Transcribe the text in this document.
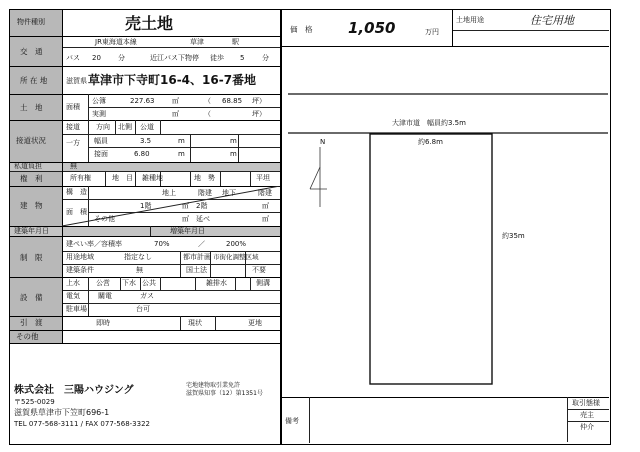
物件種別	売土地
交　通
JR東海道本線	草津	駅
バス 20 分	近江バス下物停 徒歩 5	分
所 在 地	滋賀県 草津市下寺町16-4、16-7番地
土　地	面積
公簿	227.63	㎡	（ 68.85 坪）
実測	㎡	（	坪）
接道状況
接道 方向 北側 公道
一方 幅員	3.5	m	m
接面	6.80	m	m
私道負担	無
権　利	所有権	地　目 雑種地	地　勢	平坦
建　物
構　造	地上	階建 地下	階建
面　積
1階	㎡ 2階	㎡
その他	㎡ 延べ	㎡
建築年月日	増築年月日
制　限
建ぺい率／容積率	70%	／	200%
用途地域	指定なし	都市計画 市街化調整区域
建築条件	無	国土法	不要
設　備
上水 公営 下水 公共	雑排水	側溝
電気	關電	ガス
駐車場	台可
引　渡	即時	現状	更地
その他
株式会社　三陽ハウジング
〒525-0029
滋賀県草津市下笠町696-1
TEL 077-568-3111 / FAX 077-568-3322
宅地建物取引業免許
滋賀県知事（12）第1351号
価　格 1,050	万円
土地用途	住宅用地
大津市道　幅員約3.5m
約6.8m
約35m
N
備考
取引態様
売主
仲介
